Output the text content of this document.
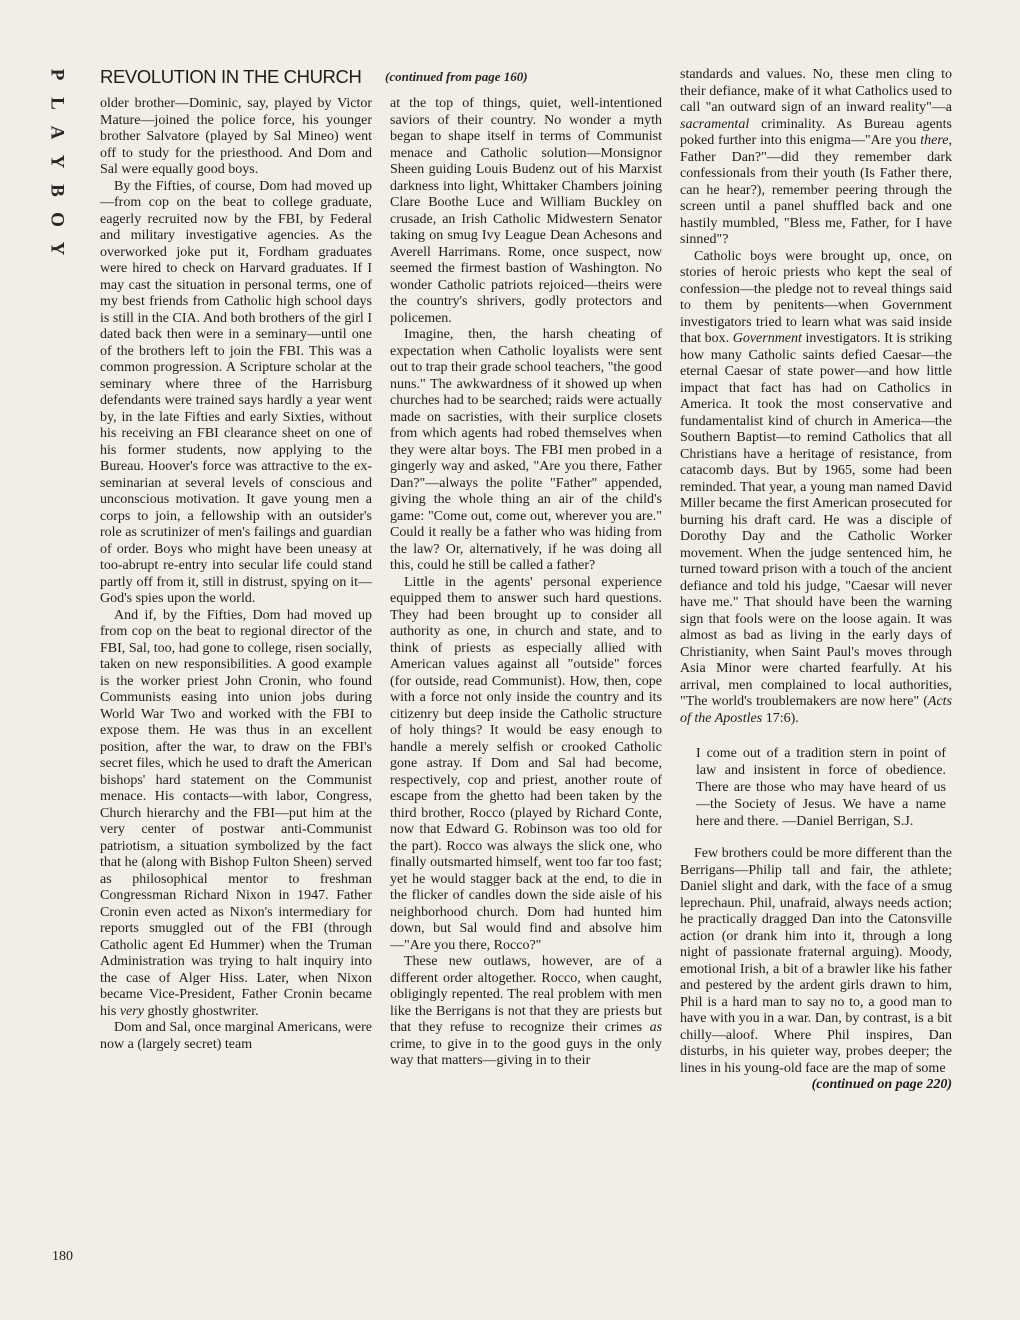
P
L
A
Y
B
O
Y
REVOLUTION IN THE CHURCH (continued from page 160)

older brother—Dominic, say, played by Victor Mature—joined the police force, his younger brother Salvatore (played by Sal Mineo) went off to study for the priesthood. And Dom and Sal were equally good boys.

By the Fifties, of course, Dom had moved up—from cop on the beat to college graduate, eagerly recruited now by the FBI, by Federal and military investigative agencies. As the overworked joke put it, Fordham graduates were hired to check on Harvard graduates. If I may cast the situation in personal terms, one of my best friends from Catholic high school days is still in the CIA. And both brothers of the girl I dated back then were in a seminary—until one of the brothers left to join the FBI. This was a common progression. A Scripture scholar at the seminary where three of the Harrisburg defendants were trained says hardly a year went by, in the late Fifties and early Sixties, without his receiving an FBI clearance sheet on one of his former students, now applying to the Bureau. Hoover's force was attractive to the ex-seminarian at several levels of conscious and unconscious motivation. It gave young men a corps to join, a fellowship with an outsider's role as scrutinizer of men's failings and guardian of order. Boys who might have been uneasy at too-abrupt re-entry into secular life could stand partly off from it, still in distrust, spying on it—God's spies upon the world.

And if, by the Fifties, Dom had moved up from cop on the beat to regional director of the FBI, Sal, too, had gone to college, risen socially, taken on new responsibilities. A good example is the worker priest John Cronin, who found Communists easing into union jobs during World War Two and worked with the FBI to expose them. He was thus in an excellent position, after the war, to draw on the FBI's secret files, which he used to draft the American bishops' hard statement on the Communist menace. His contacts—with labor, Congress, Church hierarchy and the FBI—put him at the very center of postwar anti-Communist patriotism, a situation symbolized by the fact that he (along with Bishop Fulton Sheen) served as philosophical mentor to freshman Congressman Richard Nixon in 1947. Father Cronin even acted as Nixon's intermediary for reports smuggled out of the FBI (through Catholic agent Ed Hummer) when the Truman Administration was trying to halt inquiry into the case of Alger Hiss. Later, when Nixon became Vice-President, Father Cronin became his very ghostly ghostwriter.

Dom and Sal, once marginal Americans, were now a (largely secret) team

at the top of things, quiet, well-intentioned saviors of their country. No wonder a myth began to shape itself in terms of Communist menace and Catholic solution—Monsignor Sheen guiding Louis Budenz out of his Marxist darkness into light, Whittaker Chambers joining Clare Boothe Luce and William Buckley on crusade, an Irish Catholic Midwestern Senator taking on smug Ivy League Dean Achesons and Averell Harrimans. Rome, once suspect, now seemed the firmest bastion of Washington. No wonder Catholic patriots rejoiced—theirs were the country's shrivers, godly protectors and policemen.

Imagine, then, the harsh cheating of expectation when Catholic loyalists were sent out to trap their grade school teachers, "the good nuns." The awkwardness of it showed up when churches had to be searched; raids were actually made on sacristies, with their surplice closets from which agents had robed themselves when they were altar boys. The FBI men probed in a gingerly way and asked, "Are you there, Father Dan?"—always the polite "Father" appended, giving the whole thing an air of the child's game: "Come out, come out, wherever you are." Could it really be a father who was hiding from the law? Or, alternatively, if he was doing all this, could he still be called a father?

Little in the agents' personal experience equipped them to answer such hard questions. They had been brought up to consider all authority as one, in church and state, and to think of priests as especially allied with American values against all "outside" forces (for outside, read Communist). How, then, cope with a force not only inside the country and its citizenry but deep inside the Catholic structure of holy things? It would be easy enough to handle a merely selfish or crooked Catholic gone astray. If Dom and Sal had become, respectively, cop and priest, another route of escape from the ghetto had been taken by the third brother, Rocco (played by Richard Conte, now that Edward G. Robinson was too old for the part). Rocco was always the slick one, who finally outsmarted himself, went too far too fast; yet he would stagger back at the end, to die in the flicker of candles down the side aisle of his neighborhood church. Dom had hunted him down, but Sal would find and absolve him—"Are you there, Rocco?"

These new outlaws, however, are of a different order altogether. Rocco, when caught, obligingly repented. The real problem with men like the Berrigans is not that they are priests but that they refuse to recognize their crimes as crime, to give in to the good guys in the only way that matters—giving in to their

standards and values. No, these men cling to their defiance, make of it what Catholics used to call "an outward sign of an inward reality"—a sacramental criminality. As Bureau agents poked further into this enigma—"Are you there, Father Dan?"—did they remember dark confessionals from their youth (Is Father there, can he hear?), remember peering through the screen until a panel shuffled back and one hastily mumbled, "Bless me, Father, for I have sinned"?

Catholic boys were brought up, once, on stories of heroic priests who kept the seal of confession—the pledge not to reveal things said to them by penitents—when Government investigators tried to learn what was said inside that box. Government investigators. It is striking how many Catholic saints defied Caesar—the eternal Caesar of state power—and how little impact that fact has had on Catholics in America. It took the most conservative and fundamentalist kind of church in America—the Southern Baptist—to remind Catholics that all Christians have a heritage of resistance, from catacomb days. But by 1965, some had been reminded. That year, a young man named David Miller became the first American prosecuted for burning his draft card. He was a disciple of Dorothy Day and the Catholic Worker movement. When the judge sentenced him, he turned toward prison with a touch of the ancient defiance and told his judge, "Caesar will never have me." That should have been the warning sign that fools were on the loose again. It was almost as bad as living in the early days of Christianity, when Saint Paul's moves through Asia Minor were charted fearfully. At his arrival, men complained to local authorities, "The world's troublemakers are now here" (Acts of the Apostles 17:6).

I come out of a tradition stern in point of law and insistent in force of obedience. There are those who may have heard of us—the Society of Jesus. We have a name here and there. —Daniel Berrigan, S.J.

Few brothers could be more different than the Berrigans—Philip tall and fair, the athlete; Daniel slight and dark, with the face of a smug leprechaun. Phil, unafraid, always needs action; he practically dragged Dan into the Catonsville action (or drank him into it, through a long night of passionate fraternal arguing). Moody, emotional Irish, a bit of a brawler like his father and pestered by the ardent girls drawn to him, Phil is a hard man to say no to, a good man to have with you in a war. Dan, by contrast, is a bit chilly—aloof. Where Phil inspires, Dan disturbs, in his quieter way, probes deeper; the lines in his young-old face are the map of some

(continued on page 220)
180
